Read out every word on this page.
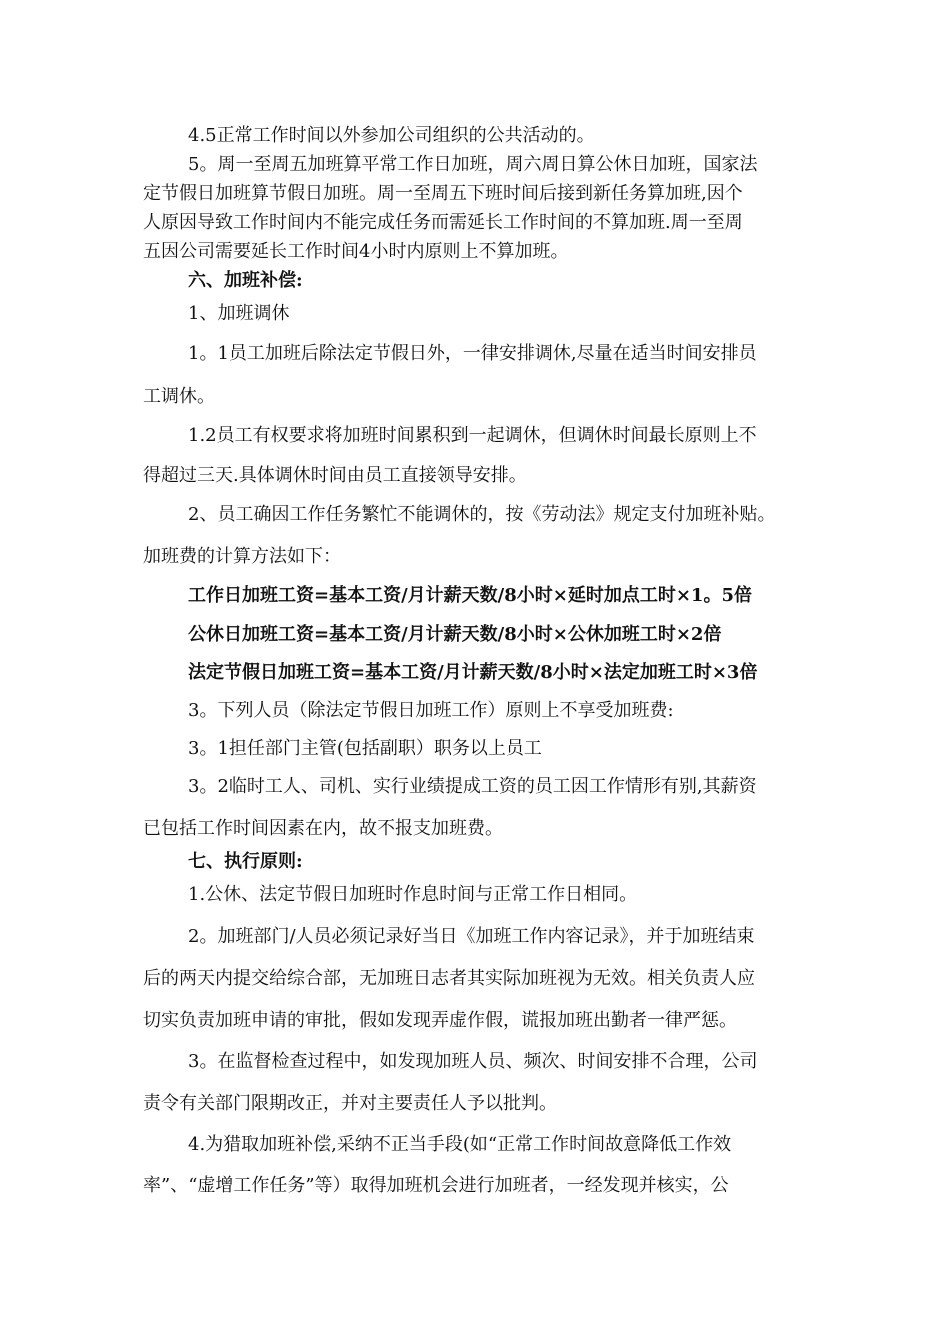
4.5正常工作时间以外参加公司组织的公共活动的。
5。周一至周五加班算平常工作日加班，周六周日算公休日加班，国家法
定节假日加班算节假日加班。周一至周五下班时间后接到新任务算加班,因个
人原因导致工作时间内不能完成任务而需延长工作时间的不算加班.周一至周
五因公司需要延长工作时间4小时内原则上不算加班。
六、加班补偿:
1、加班调休
1。1员工加班后除法定节假日外，一律安排调休,尽量在适当时间安排员
工调休。
1.2员工有权要求将加班时间累积到一起调休，但调休时间最长原则上不
得超过三天.具体调休时间由员工直接领导安排。
2、员工确因工作任务繁忙不能调休的，按《劳动法》规定支付加班补贴。
加班费的计算方法如下：
工作日加班工资=基本工资/月计薪天数/8小时×延时加点工时×1。5倍
公休日加班工资=基本工资/月计薪天数/8小时×公休加班工时×2倍
法定节假日加班工资=基本工资/月计薪天数/8小时×法定加班工时×3倍
3。下列人员（除法定节假日加班工作）原则上不享受加班费:
3。1担任部门主管(包括副职）职务以上员工
3。2临时工人、司机、实行业绩提成工资的员工因工作情形有别,其薪资
已包括工作时间因素在内，故不报支加班费。
七、执行原则:
1.公休、法定节假日加班时作息时间与正常工作日相同。
2。加班部门/人员必须记录好当日《加班工作内容记录》，并于加班结束
后的两天内提交给综合部，无加班日志者其实际加班视为无效。相关负责人应
切实负责加班申请的审批，假如发现弄虚作假，谎报加班出勤者一律严惩。
3。在监督检查过程中，如发现加班人员、频次、时间安排不合理，公司
责令有关部门限期改正，并对主要责任人予以批判。
4.为猎取加班补偿,采纳不正当手段(如“正常工作时间故意降低工作效
率”、“虚增工作任务”等）取得加班机会进行加班者，一经发现并核实，公
